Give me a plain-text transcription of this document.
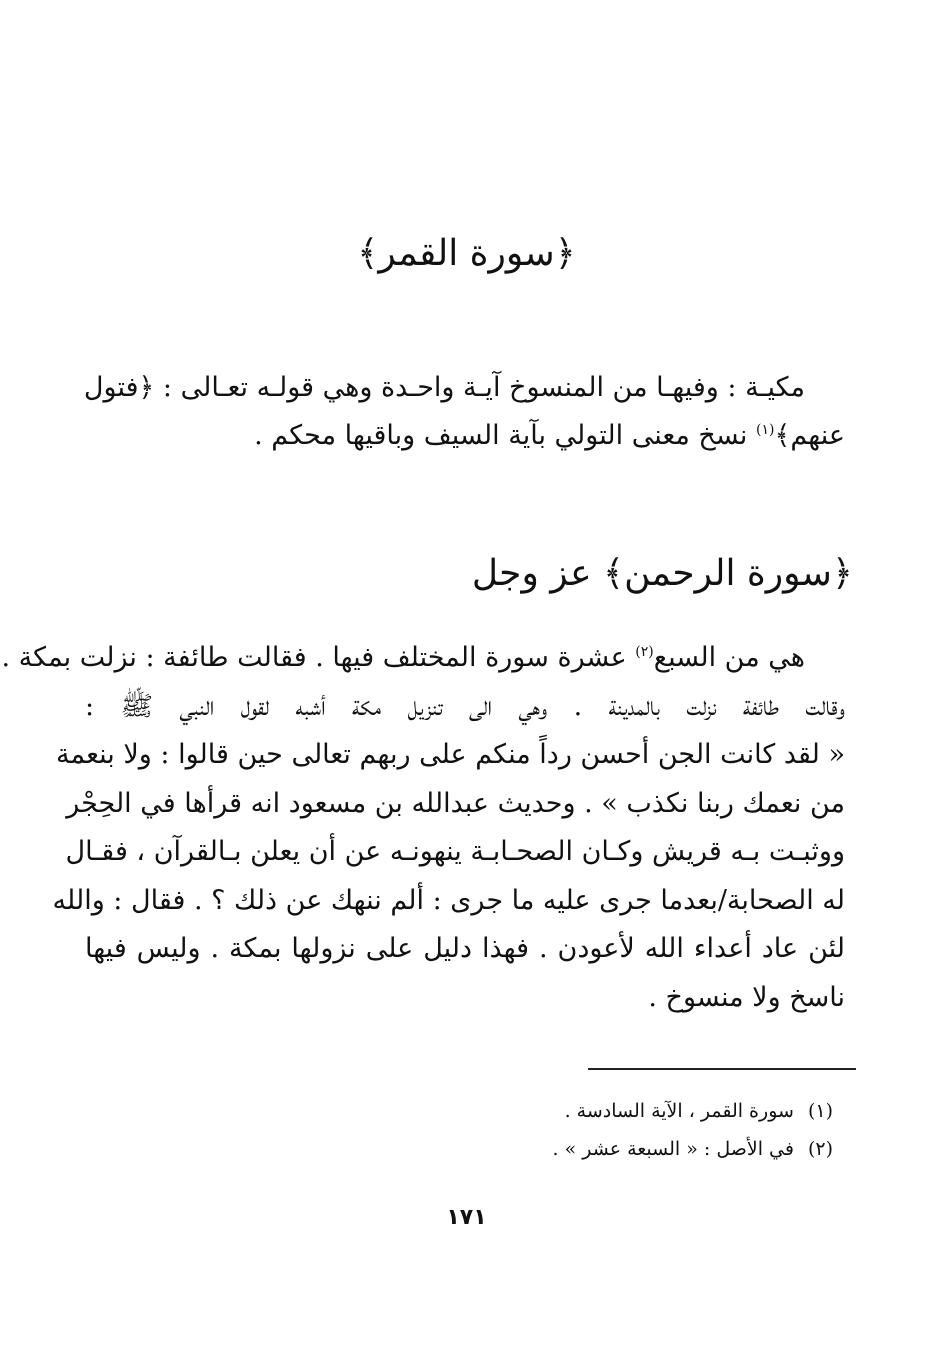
﴿سورة القمر﴾
مكيـة : وفيهـا من المنسوخ آيـة واحـدة وهي قولـه تعـالى : ﴿فتول
عنهم﴾$^{(١)}$ نسخ معنى التولي بآية السيف وباقيها محكم .
﴿سورة الرحمن﴾ عز وجل
هي من السبع$^{(٢)}$ عشرة سورة المختلف فيها . فقالت طائفة : نزلت بمكة .
وقالت طائفة نزلت بالمدينة . وهي الى تنزيل مكة أشبه لقول النبي ﷺ :
« لقد كانت الجن أحسن رداً منكم على ربهم تعالى حين قالوا : ولا بنعمة
من نعمك ربنا نكذب » . وحديث عبدالله بن مسعود انه قرأها في الحِجْر
ووثبـت بـه قريش وكـان الصحـابـة ينهونـه عن أن يعلن بـالقرآن ، فقـال
له الصحابة/بعدما جرى عليه ما جرى : ألم ننهك عن ذلك ؟ . فقال : والله
لئن عاد أعداء الله لأعودن . فهذا دليل على نزولها بمكة . وليس فيها
ناسخ ولا منسوخ .
(١)سورة القمر ، الآية السادسة .
(٢)في الأصل : « السبعة عشر » .
١٧١
